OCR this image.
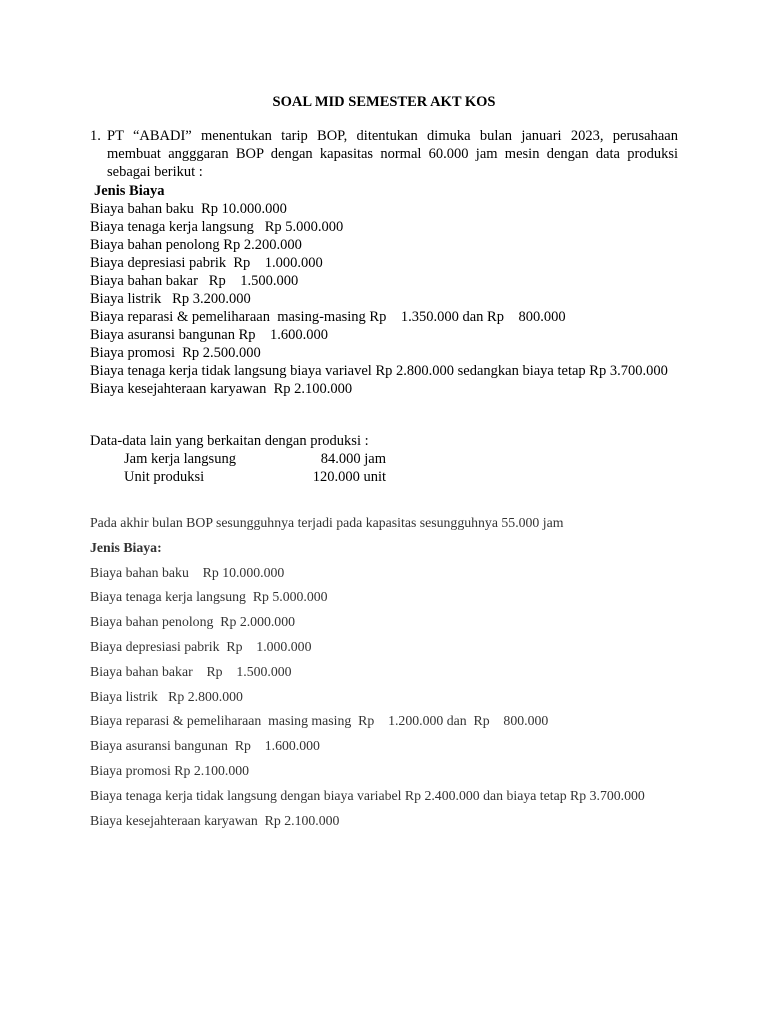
SOAL MID SEMESTER AKT KOS
1. PT “ABADI” menentukan tarip BOP, ditentukan dimuka bulan januari 2023, perusahaan membuat angggaran BOP dengan kapasitas normal 60.000 jam mesin dengan data produksi sebagai berikut :
Jenis Biaya
Biaya bahan baku  Rp 10.000.000
Biaya tenaga kerja langsung   Rp 5.000.000
Biaya bahan penolong Rp 2.200.000
Biaya depresiasi pabrik  Rp    1.000.000
Biaya bahan bakar   Rp    1.500.000
Biaya listrik   Rp 3.200.000
Biaya reparasi & pemeliharaan  masing-masing Rp    1.350.000 dan Rp    800.000
Biaya asuransi bangunan Rp    1.600.000
Biaya promosi  Rp 2.500.000
Biaya tenaga kerja tidak langsung biaya variavel Rp 2.800.000 sedangkan biaya tetap Rp 3.700.000
Biaya kesejahteraan karyawan  Rp 2.100.000
Data-data lain yang berkaitan dengan produksi :
Jam kerja langsung	84.000 jam
Unit produksi	120.000 unit
Pada akhir bulan BOP sesungguhnya terjadi pada kapasitas sesungguhnya 55.000 jam
Jenis Biaya:
Biaya bahan baku    Rp 10.000.000
Biaya tenaga kerja langsung  Rp 5.000.000
Biaya bahan penolong  Rp 2.000.000
Biaya depresiasi pabrik  Rp    1.000.000
Biaya bahan bakar    Rp    1.500.000
Biaya listrik   Rp 2.800.000
Biaya reparasi & pemeliharaan  masing masing  Rp    1.200.000 dan  Rp    800.000
Biaya asuransi bangunan  Rp    1.600.000
Biaya promosi Rp 2.100.000
Biaya tenaga kerja tidak langsung dengan biaya variabel Rp 2.400.000 dan biaya tetap Rp 3.700.000
Biaya kesejahteraan karyawan  Rp 2.100.000
